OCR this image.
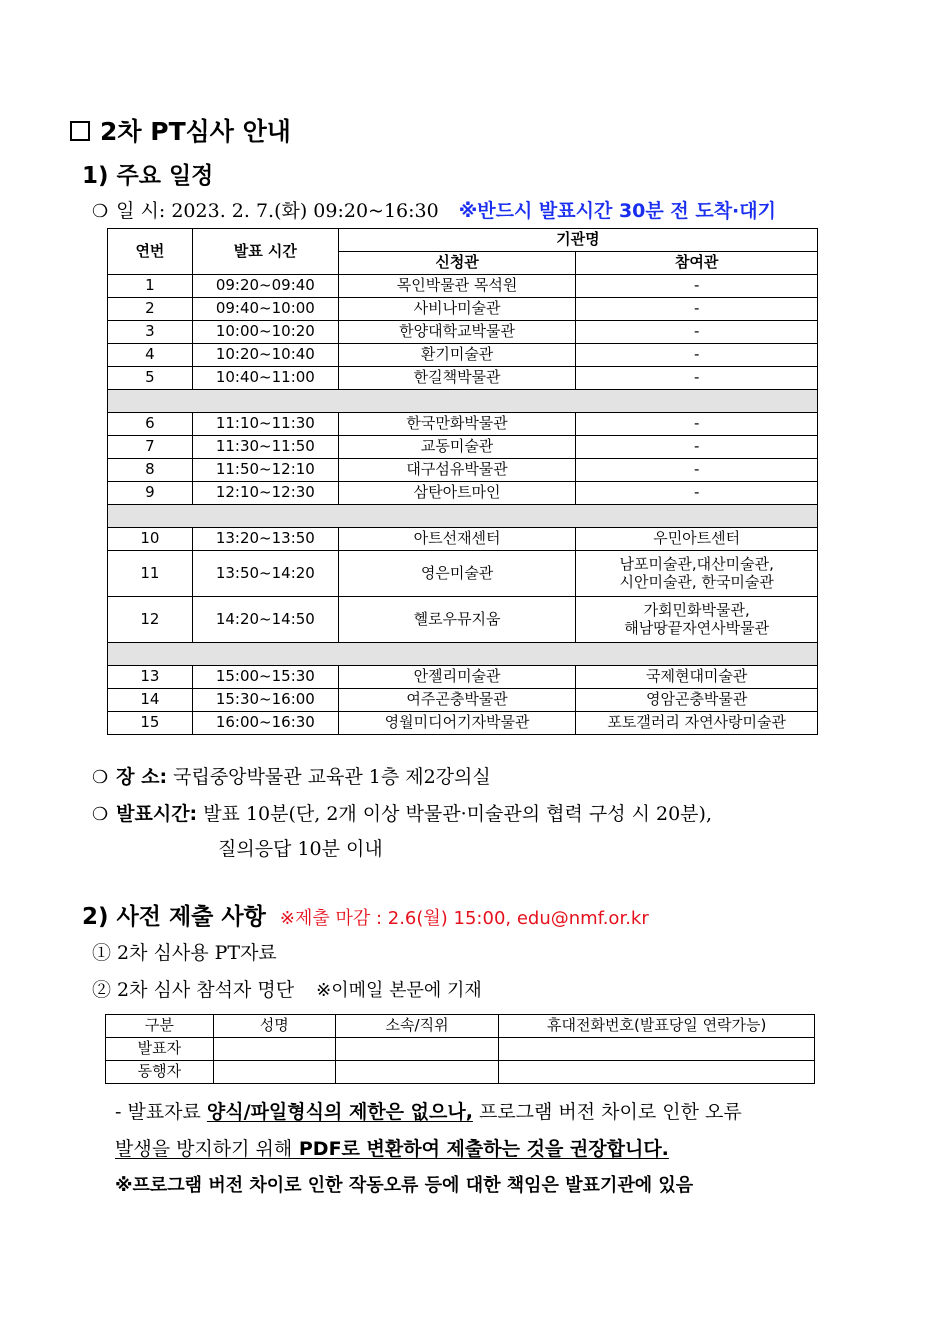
2차 PT심사 안내
1) 주요 일정
❍ 일 시: 2023. 2. 7.(화) 09:20~16:30 ※반드시 발표시간 30분 전 도착·대기
연번	발표 시간	기관명	
		신청관	참여관
1	09:20~09:40	목인박물관 목석원	-
2	09:40~10:00	사비나미술관	-
3	10:00~10:20	한양대학교박물관	-
4	10:20~10:40	환기미술관	-
5	10:40~11:00	한길책박물관	-

6	11:10~11:30	한국만화박물관	-
7	11:30~11:50	교동미술관	-
8	11:50~12:10	대구섬유박물관	-
9	12:10~12:30	삼탄아트마인	-

10	13:20~13:50	아트선재센터	우민아트센터
11	13:50~14:20	영은미술관	남포미술관,대산미술관,
시안미술관, 한국미술관

12	14:20~14:50	헬로우뮤지움	가회민화박물관,
해남땅끝자연사박물관

13	15:00~15:30	안젤리미술관	국제현대미술관
14	15:30~16:00	여주곤충박물관	영암곤충박물관
15	16:00~16:30	영월미디어기자박물관	포토갤러리 자연사랑미술관
❍ 장 소: 국립중앙박물관 교육관 1층 제2강의실
❍ 발표시간: 발표 10분(단, 2개 이상 박물관·미술관의 협력 구성 시 20분),
질의응답 10분 이내
2) 사전 제출 사항 ※제출 마감 : 2.6(월) 15:00, edu@nmf.or.kr
① 2차 심사용 PT자료
② 2차 심사 참석자 명단 ※이메일 본문에 기재
구분	성명	소속/직위	휴대전화번호(발표당일 연락가능)
발표자			
동행자			
- 발표자료 양식/파일형식의 제한은 없으나, 프로그램 버전 차이로 인한 오류
발생을 방지하기 위해 PDF로 변환하여 제출하는 것을 권장합니다.
※프로그램 버전 차이로 인한 작동오류 등에 대한 책임은 발표기관에 있음
